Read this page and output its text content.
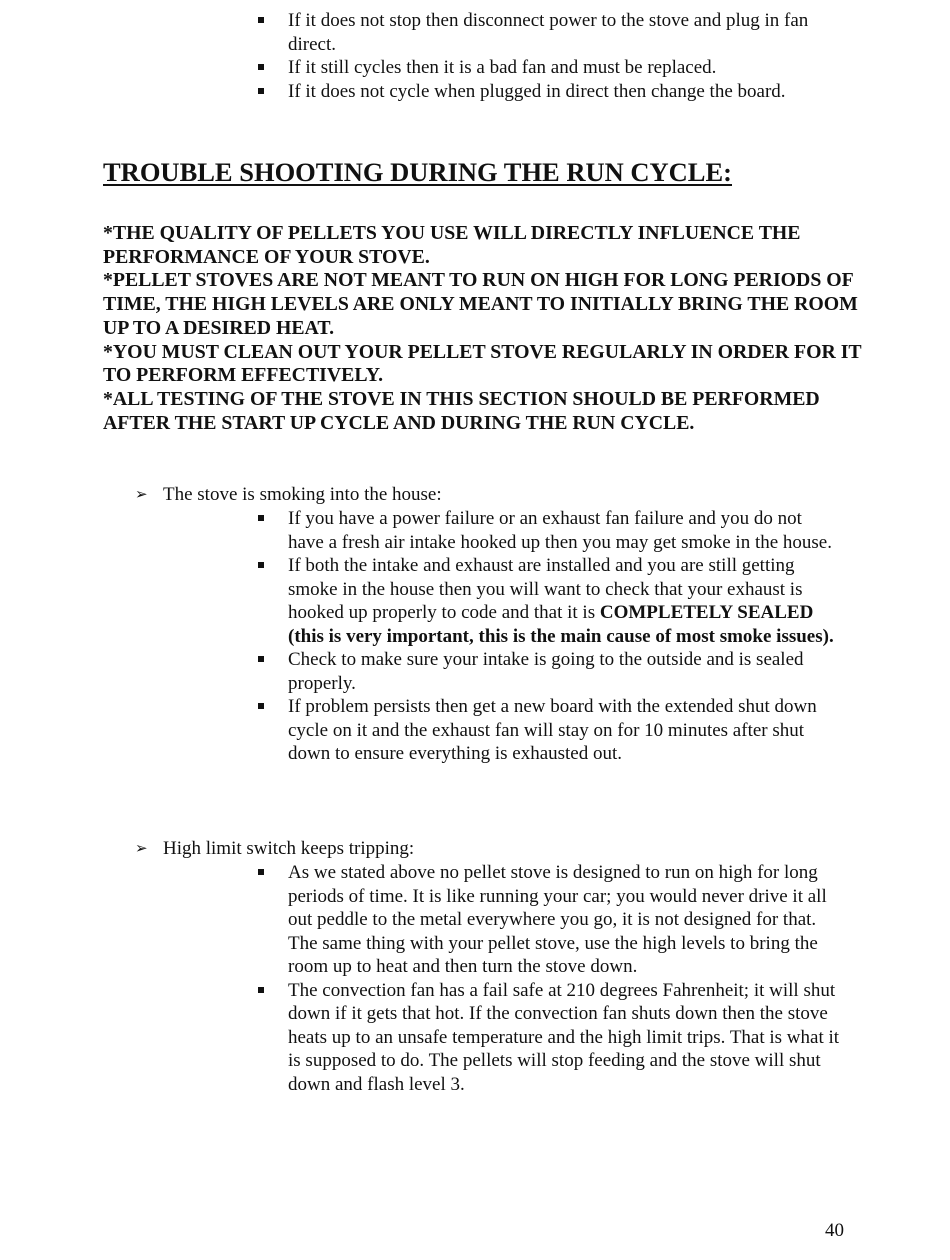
If it does not stop then disconnect power to the stove and plug in fan direct.
If it still cycles then it is a bad fan and must be replaced.
If it does not cycle when plugged in direct then change the board.
TROUBLE SHOOTING DURING THE RUN CYCLE:

*THE QUALITY OF PELLETS YOU USE WILL DIRECTLY INFLUENCE THE PERFORMANCE OF YOUR STOVE.

*PELLET STOVES ARE NOT MEANT TO RUN ON HIGH FOR LONG PERIODS OF TIME, THE HIGH LEVELS ARE ONLY MEANT TO INITIALLY BRING THE ROOM UP TO A DESIRED HEAT.

*YOU MUST CLEAN OUT YOUR PELLET STOVE REGULARLY IN ORDER FOR IT TO PERFORM EFFECTIVELY.

*ALL TESTING OF THE STOVE IN THIS SECTION SHOULD BE PERFORMED AFTER THE START UP CYCLE AND DURING THE RUN CYCLE.

➢ The stove is smoking into the house:
If you have a power failure or an exhaust fan failure and you do not have a fresh air intake hooked up then you may get smoke in the house.
If both the intake and exhaust are installed and you are still getting smoke in the house then you will want to check that your exhaust is hooked up properly to code and that it is COMPLETELY SEALED (this is very important, this is the main cause of most smoke issues).
Check to make sure your intake is going to the outside and is sealed properly.
If problem persists then get a new board with the extended shut down cycle on it and the exhaust fan will stay on for 10 minutes after shut down to ensure everything is exhausted out.
➢ High limit switch keeps tripping:
As we stated above no pellet stove is designed to run on high for long periods of time. It is like running your car; you would never drive it all out peddle to the metal everywhere you go, it is not designed for that. The same thing with your pellet stove, use the high levels to bring the room up to heat and then turn the stove down.
The convection fan has a fail safe at 210 degrees Fahrenheit; it will shut down if it gets that hot. If the convection fan shuts down then the stove heats up to an unsafe temperature and the high limit trips. That is what it is supposed to do. The pellets will stop feeding and the stove will shut down and flash level 3.
40
